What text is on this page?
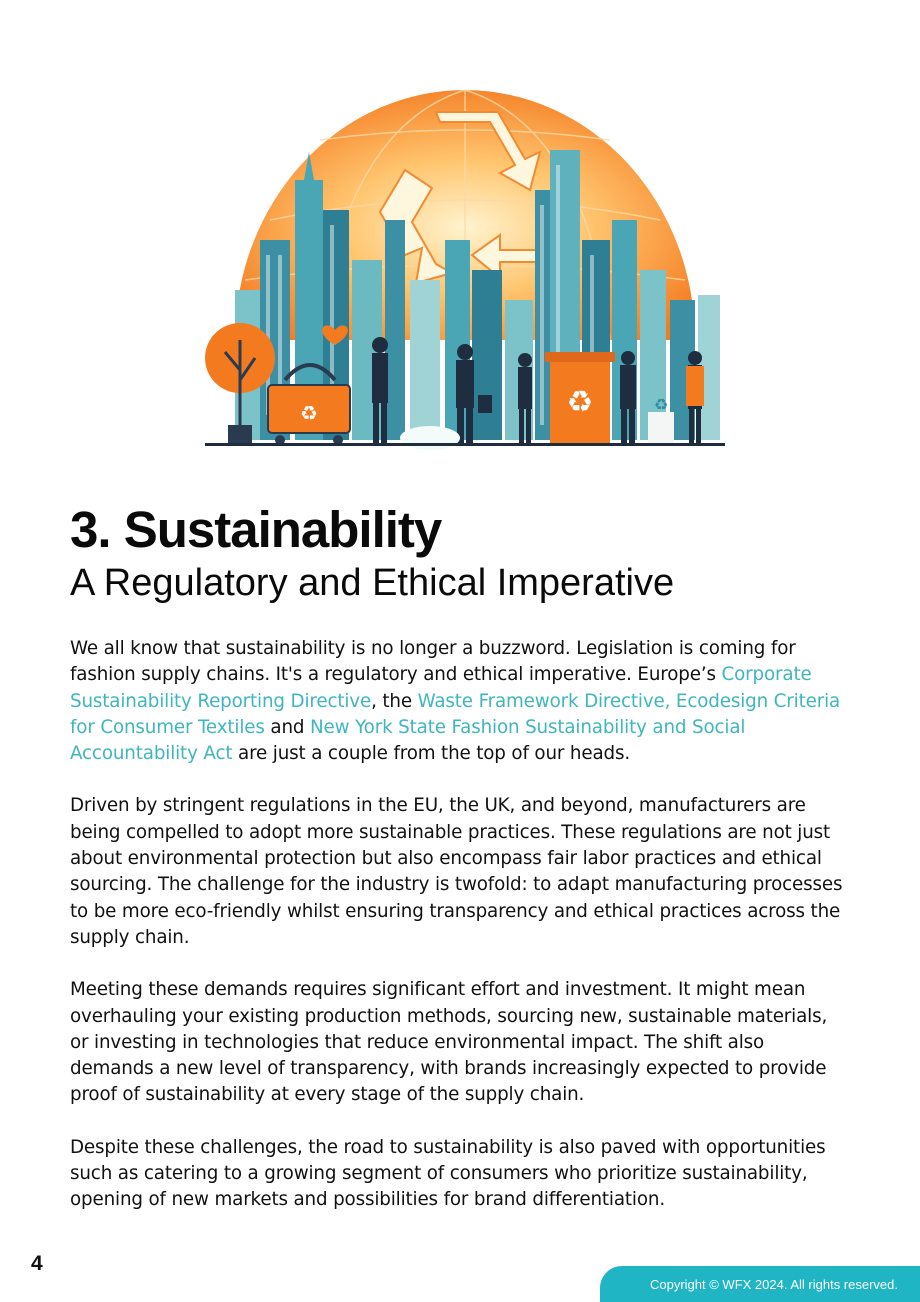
♻	♻	♻
3. Sustainability
A Regulatory and Ethical Imperative

We all know that sustainability is no longer a buzzword. Legislation is coming for fashion supply chains. It's a regulatory and ethical imperative. Europe’s Corporate Sustainability Reporting Directive, the Waste Framework Directive, Ecodesign Criteria for Consumer Textiles and New York State Fashion Sustainability and Social Accountability Act are just a couple from the top of our heads.

Driven by stringent regulations in the EU, the UK, and beyond, manufacturers are being compelled to adopt more sustainable practices. These regulations are not just about environmental protection but also encompass fair labor practices and ethical sourcing. The challenge for the industry is twofold: to adapt manufacturing processes to be more eco-friendly whilst ensuring transparency and ethical practices across the supply chain.

Meeting these demands requires significant effort and investment. It might mean overhauling your existing production methods, sourcing new, sustainable materials, or investing in technologies that reduce environmental impact. The shift also demands a new level of transparency, with brands increasingly expected to provide proof of sustainability at every stage of the supply chain.

Despite these challenges, the road to sustainability is also paved with opportunities such as catering to a growing segment of consumers who prioritize sustainability, opening of new markets and possibilities for brand differentiation.

4
Copyright © WFX 2024. All rights reserved.
